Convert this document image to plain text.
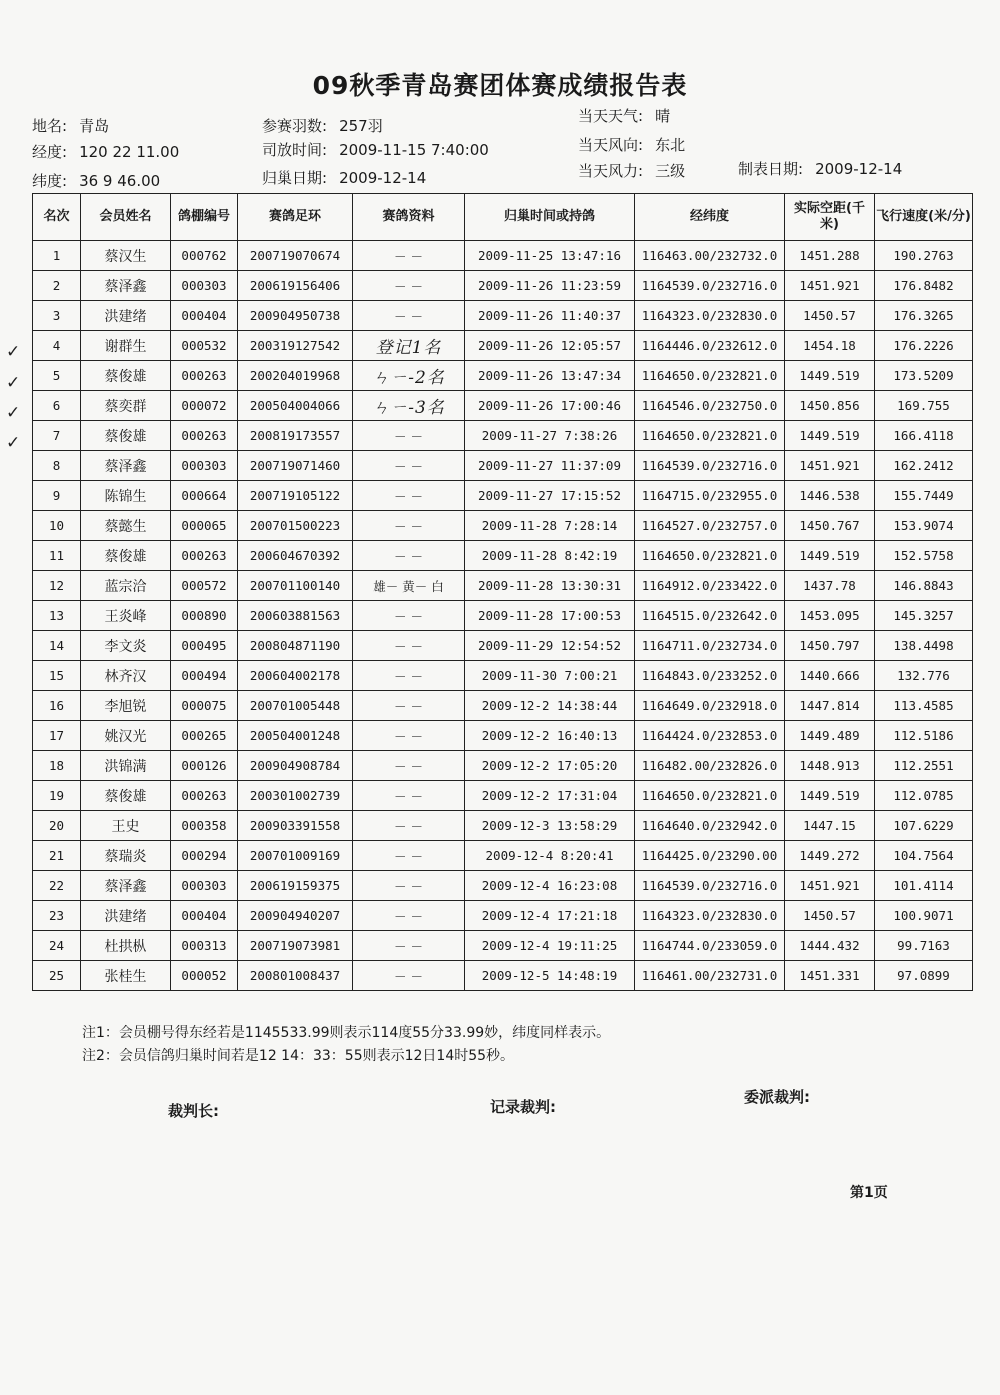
09秋季青岛赛团体赛成绩报告表
地名: 青岛	参赛羽数: 257羽
当天天气: 晴
经度: 120 22 11.00	司放时间: 2009-11-15 7:40:00	当天风向: 东北
纬度: 36 9 46.00	归巢日期: 2009-12-14	当天风力: 三级	制表日期: 2009-12-14
名次	会员姓名	鸽棚编号	赛鸽足环	赛鸽资料	归巢时间或持鸽	经纬度	实际空距(千米)	飞行速度(米/分)
1	蔡汉生	000762	200719070674	－ －	2009-11-25 13:47:16	116463.00/232732.0	1451.288	190.2763
2	蔡泽鑫	000303	200619156406	－ －	2009-11-26 11:23:59	1164539.0/232716.0	1451.921	176.8482
3	洪建绪	000404	200904950738	－ －	2009-11-26 11:40:37	1164323.0/232830.0	1450.57	176.3265
4	谢群生	000532	200319127542	登记1名	2009-11-26 12:05:57	1164446.0/232612.0	1454.18	176.2226
5	蔡俊雄	000263	200204019968	ㄣㄧ-2名	2009-11-26 13:47:34	1164650.0/232821.0	1449.519	173.5209
6	蔡奕群	000072	200504004066	ㄣㄧ-3名	2009-11-26 17:00:46	1164546.0/232750.0	1450.856	169.755
7	蔡俊雄	000263	200819173557	－ －	2009-11-27 7:38:26	1164650.0/232821.0	1449.519	166.4118
8	蔡泽鑫	000303	200719071460	－ －	2009-11-27 11:37:09	1164539.0/232716.0	1451.921	162.2412
9	陈锦生	000664	200719105122	－ －	2009-11-27 17:15:52	1164715.0/232955.0	1446.538	155.7449
10	蔡懿生	000065	200701500223	－ －	2009-11-28 7:28:14	1164527.0/232757.0	1450.767	153.9074
11	蔡俊雄	000263	200604670392	－ －	2009-11-28 8:42:19	1164650.0/232821.0	1449.519	152.5758
12	蓝宗洽	000572	200701100140	雄－ 黄－ 白	2009-11-28 13:30:31	1164912.0/233422.0	1437.78	146.8843
13	王炎峰	000890	200603881563	－ －	2009-11-28 17:00:53	1164515.0/232642.0	1453.095	145.3257
14	李文炎	000495	200804871190	－ －	2009-11-29 12:54:52	1164711.0/232734.0	1450.797	138.4498
15	林齐汉	000494	200604002178	－ －	2009-11-30 7:00:21	1164843.0/233252.0	1440.666	132.776
16	李旭锐	000075	200701005448	－ －	2009-12-2 14:38:44	1164649.0/232918.0	1447.814	113.4585
17	姚汉光	000265	200504001248	－ －	2009-12-2 16:40:13	1164424.0/232853.0	1449.489	112.5186
18	洪锦满	000126	200904908784	－ －	2009-12-2 17:05:20	116482.00/232826.0	1448.913	112.2551
19	蔡俊雄	000263	200301002739	－ －	2009-12-2 17:31:04	1164650.0/232821.0	1449.519	112.0785
20	王史	000358	200903391558	－ －	2009-12-3 13:58:29	1164640.0/232942.0	1447.15	107.6229
21	蔡瑞炎	000294	200701009169	－ －	2009-12-4 8:20:41	1164425.0/23290.00	1449.272	104.7564
22	蔡泽鑫	000303	200619159375	－ －	2009-12-4 16:23:08	1164539.0/232716.0	1451.921	101.4114
23	洪建绪	000404	200904940207	－ －	2009-12-4 17:21:18	1164323.0/232830.0	1450.57	100.9071
24	杜拱枞	000313	200719073981	－ －	2009-12-4 19:11:25	1164744.0/233059.0	1444.432	99.7163
25	张桂生	000052	200801008437	－ －	2009-12-5 14:48:19	116461.00/232731.0	1451.331	97.0899
✓
✓
✓
✓
注1：会员棚号得东经若是1145533.99则表示114度55分33.99妙，纬度同样表示。
注2：会员信鸽归巢时间若是12 14：33：55则表示12日14时55秒。
裁判长:	记录裁判:
委派裁判:
第1页
